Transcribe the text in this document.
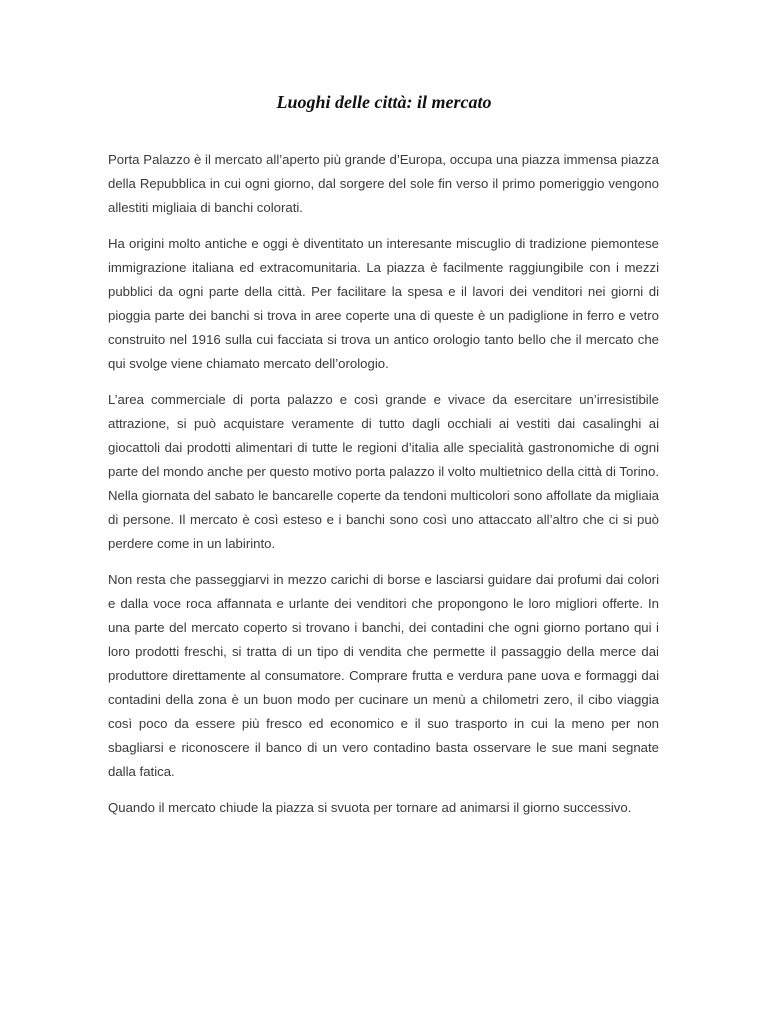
Luoghi delle città: il mercato

Porta Palazzo è il mercato all’aperto più grande d’Europa, occupa una piazza immensa piazza della Repubblica in cui ogni giorno, dal sorgere del sole fin verso il primo pomeriggio vengono allestiti migliaia di banchi colorati.

Ha origini molto antiche e oggi è diventitato un interesante miscuglio di tradizione piemontese immigrazione italiana ed extracomunitaria. La piazza è facilmente raggiungibile con i mezzi pubblici da ogni parte della città. Per facilitare la spesa e il lavori dei venditori nei giorni di pioggia parte dei banchi si trova in aree coperte una di queste è un padiglione in ferro e vetro construito nel 1916 sulla cui facciata si trova un antico orologio tanto bello che il mercato che qui svolge viene chiamato mercato dell’orologio.

L’area commerciale di porta palazzo e così grande e vivace da esercitare un’irresistibile attrazione, si può acquistare veramente di tutto dagli occhiali ai vestiti dai casalinghi ai giocattoli dai prodotti alimentari di tutte le regioni d’italia alle specialità gastronomiche di ogni parte del mondo anche per questo motivo porta palazzo il volto multietnico della città di Torino. Nella giornata del sabato le bancarelle coperte da tendoni multicolori sono affollate da migliaia di persone. Il mercato è così esteso e i banchi sono così uno attaccato all’altro che ci si può perdere come in un labirinto.

Non resta che passeggiarvi in mezzo carichi di borse e lasciarsi guidare dai profumi dai colori e dalla voce roca affannata e urlante dei venditori che propongono le loro migliori offerte. In una parte del mercato coperto si trovano i banchi, dei contadini che ogni giorno portano qui i loro prodotti freschi, si tratta di un tipo di vendita che permette il passaggio della merce dai produttore direttamente al consumatore. Comprare frutta e verdura pane uova e formaggi dai contadini della zona è un buon modo per cucinare un menù a chilometri zero, il cibo viaggia così poco da essere più fresco ed economico e il suo trasporto in cui la meno per non sbagliarsi e riconoscere il banco di un vero contadino basta osservare le sue mani segnate dalla fatica.

Quando il mercato chiude la piazza si svuota per tornare ad animarsi il giorno successivo.
